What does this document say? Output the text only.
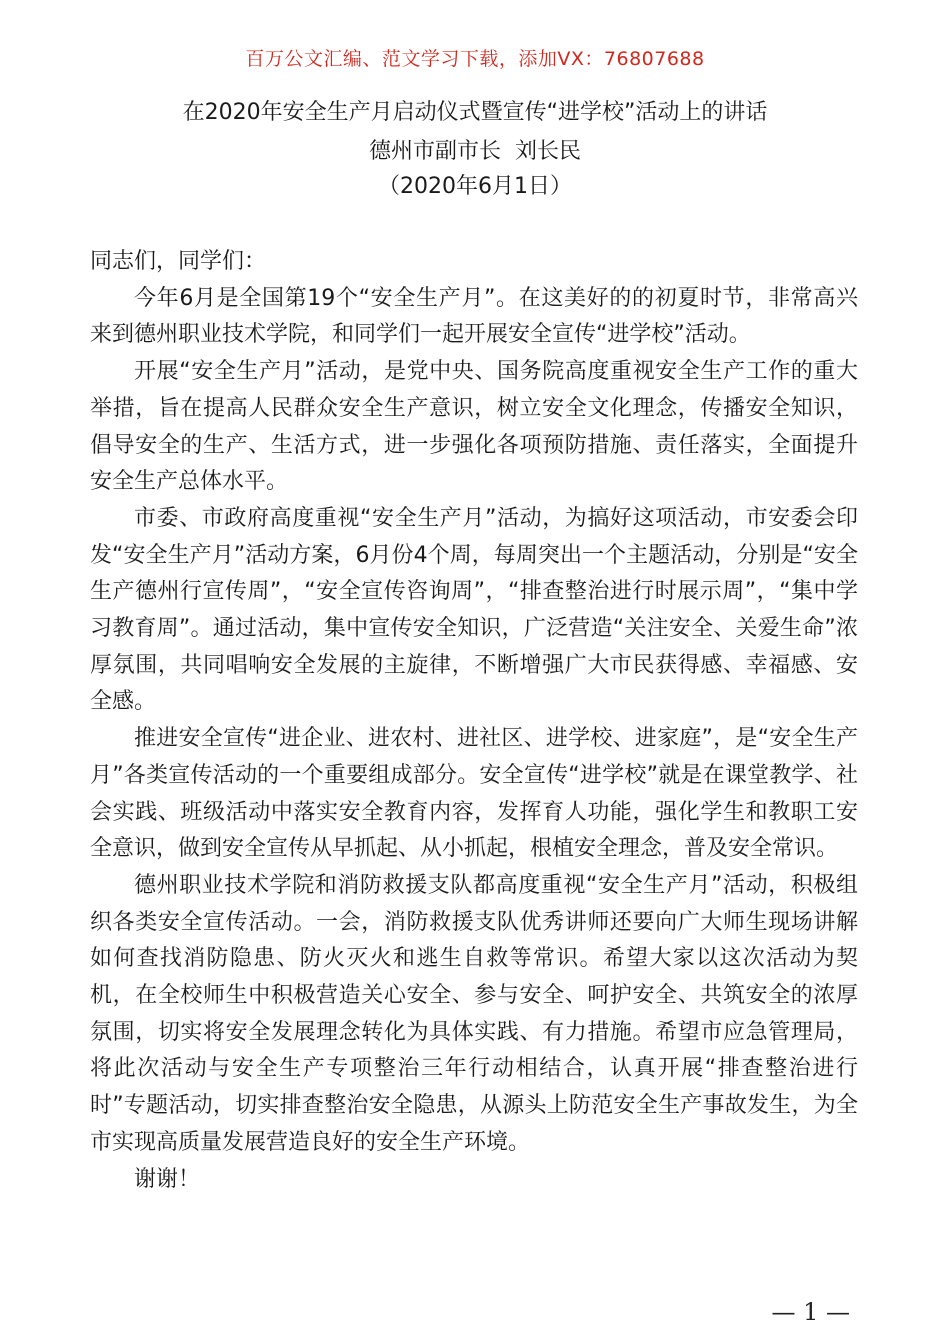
百万公文汇编、范文学习下载，添加VX：76807688
在2020年安全生产月启动仪式暨宣传“进学校”活动上的讲话
德州市副市长  刘长民
（2020年6月1日）

同志们，同学们：

今年6月是全国第19个“安全生产月”。在这美好的的初夏时节，非常高兴来到德州职业技术学院，和同学们一起开展安全宣传“进学校”活动。

开展“安全生产月”活动，是党中央、国务院高度重视安全生产工作的重大举措，旨在提高人民群众安全生产意识，树立安全文化理念，传播安全知识，倡导安全的生产、生活方式，进一步强化各项预防措施、责任落实，全面提升安全生产总体水平。

市委、市政府高度重视“安全生产月”活动，为搞好这项活动，市安委会印发“安全生产月”活动方案，6月份4个周，每周突出一个主题活动，分别是“安全生产德州行宣传周”，“安全宣传咨询周”，“排查整治进行时展示周”，“集中学习教育周”。通过活动，集中宣传安全知识，广泛营造“关注安全、关爱生命”浓厚氛围，共同唱响安全发展的主旋律，不断增强广大市民获得感、幸福感、安全感。

推进安全宣传“进企业、进农村、进社区、进学校、进家庭”，是“安全生产月”各类宣传活动的一个重要组成部分。安全宣传“进学校”就是在课堂教学、社会实践、班级活动中落实安全教育内容，发挥育人功能，强化学生和教职工安全意识，做到安全宣传从早抓起、从小抓起，根植安全理念，普及安全常识。

德州职业技术学院和消防救援支队都高度重视“安全生产月”活动，积极组织各类安全宣传活动。一会，消防救援支队优秀讲师还要向广大师生现场讲解如何查找消防隐患、防火灭火和逃生自救等常识。希望大家以这次活动为契机，在全校师生中积极营造关心安全、参与安全、呵护安全、共筑安全的浓厚氛围，切实将安全发展理念转化为具体实践、有力措施。希望市应急管理局，将此次活动与安全生产专项整治三年行动相结合，认真开展“排查整治进行时”专题活动，切实排查整治安全隐患，从源头上防范安全生产事故发生，为全市实现高质量发展营造良好的安全生产环境。

谢谢！

— 1 —
